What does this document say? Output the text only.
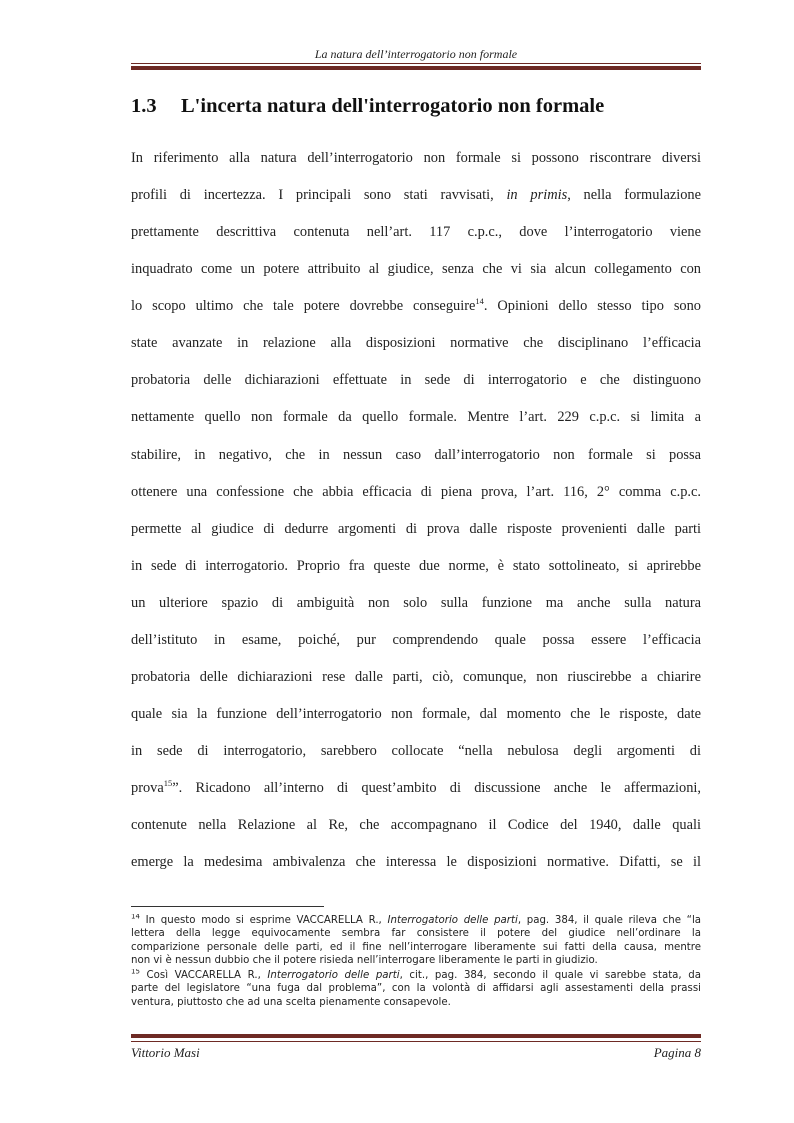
La natura dell’interrogatorio non formale
1.3 L'incerta natura dell'interrogatorio non formale
In riferimento alla natura dell’interrogatorio non formale si possono riscontrare diversi
profili di incertezza. I principali sono stati ravvisati, in primis, nella formulazione
prettamente descrittiva contenuta nell’art. 117 c.p.c., dove l’interrogatorio viene
inquadrato come un potere attribuito al giudice, senza che vi sia alcun collegamento con
lo scopo ultimo che tale potere dovrebbe conseguire$^{14}$. Opinioni dello stesso tipo sono
state avanzate in relazione alla disposizioni normative che disciplinano l’efficacia
probatoria delle dichiarazioni effettuate in sede di interrogatorio e che distinguono
nettamente quello non formale da quello formale. Mentre l’art. 229 c.p.c. si limita a
stabilire, in negativo, che in nessun caso dall’interrogatorio non formale si possa
ottenere una confessione che abbia efficacia di piena prova, l’art. 116, 2° comma c.p.c.
permette al giudice di dedurre argomenti di prova dalle risposte provenienti dalle parti
in sede di interrogatorio. Proprio fra queste due norme, è stato sottolineato, si aprirebbe
un ulteriore spazio di ambiguità non solo sulla funzione ma anche sulla natura
dell’istituto in esame, poiché, pur comprendendo quale possa essere l’efficacia
probatoria delle dichiarazioni rese dalle parti, ciò, comunque, non riuscirebbe a chiarire
quale sia la funzione dell’interrogatorio non formale, dal momento che le risposte, date
in sede di interrogatorio, sarebbero collocate “nella nebulosa degli argomenti di
prova$^{15}$”. Ricadono all’interno di quest’ambito di discussione anche le affermazioni,
contenute nella Relazione al Re, che accompagnano il Codice del 1940, dalle quali
emerge la medesima ambivalenza che interessa le disposizioni normative. Difatti, se il
$^{14}$ In questo modo si esprime VACCARELLA R., Interrogatorio delle parti, pag. 384, il quale rileva che “la
lettera della legge equivocamente sembra far consistere il potere del giudice nell’ordinare la
comparizione personale delle parti, ed il fine nell’interrogare liberamente sui fatti della causa, mentre
non vi è nessun dubbio che il potere risieda nell’interrogare liberamente le parti in giudizio.
$^{15}$ Così VACCARELLA R., Interrogatorio delle parti, cit., pag. 384, secondo il quale vi sarebbe stata, da
parte del legislatore “una fuga dal problema”, con la volontà di affidarsi agli assestamenti della prassi
ventura, piuttosto che ad una scelta pienamente consapevole.
Vittorio Masi	Pagina 8
